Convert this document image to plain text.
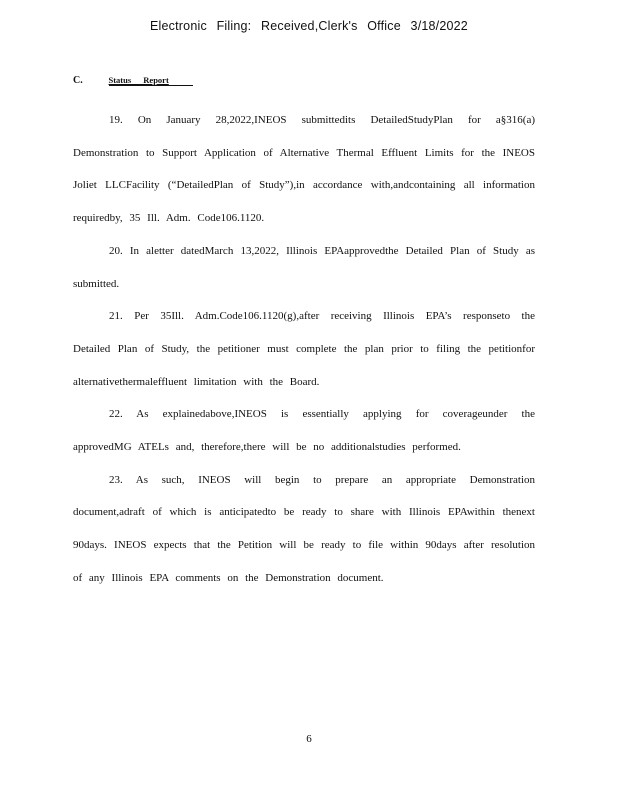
Electronic Filing: Received,Clerk's Office 3/18/2022
C.	Status Report

19. On January 28,2022,INEOS submittedits DetailedStudyPlan for a§316(a) Demonstration to Support Application of Alternative Thermal Effluent Limits for the INEOS Joliet LLCFacility (“DetailedPlan of Study”),in accordance with,andcontaining all information requiredby, 35 Ill. Adm. Code106.1120.

20. In aletter datedMarch 13,2022, Illinois EPAapprovedthe Detailed Plan of Study as submitted.

21. Per 35Ill. Adm.Code106.1120(g),after receiving Illinois EPA’s responseto the Detailed Plan of Study, the petitioner must complete the plan prior to filing the petitionfor alternativethermaleffluent limitation with the Board.

22. As explainedabove,INEOS is essentially applying for coverageunder the approvedMG ATELs and, therefore,there will be no additionalstudies performed.

23. As such, INEOS will begin to prepare an appropriate Demonstration document,adraft of which is anticipatedto be ready to share with Illinois EPAwithin thenext 90days. INEOS expects that the Petition will be ready to file within 90days after resolution of any Illinois EPA comments on the Demonstration document.

6
